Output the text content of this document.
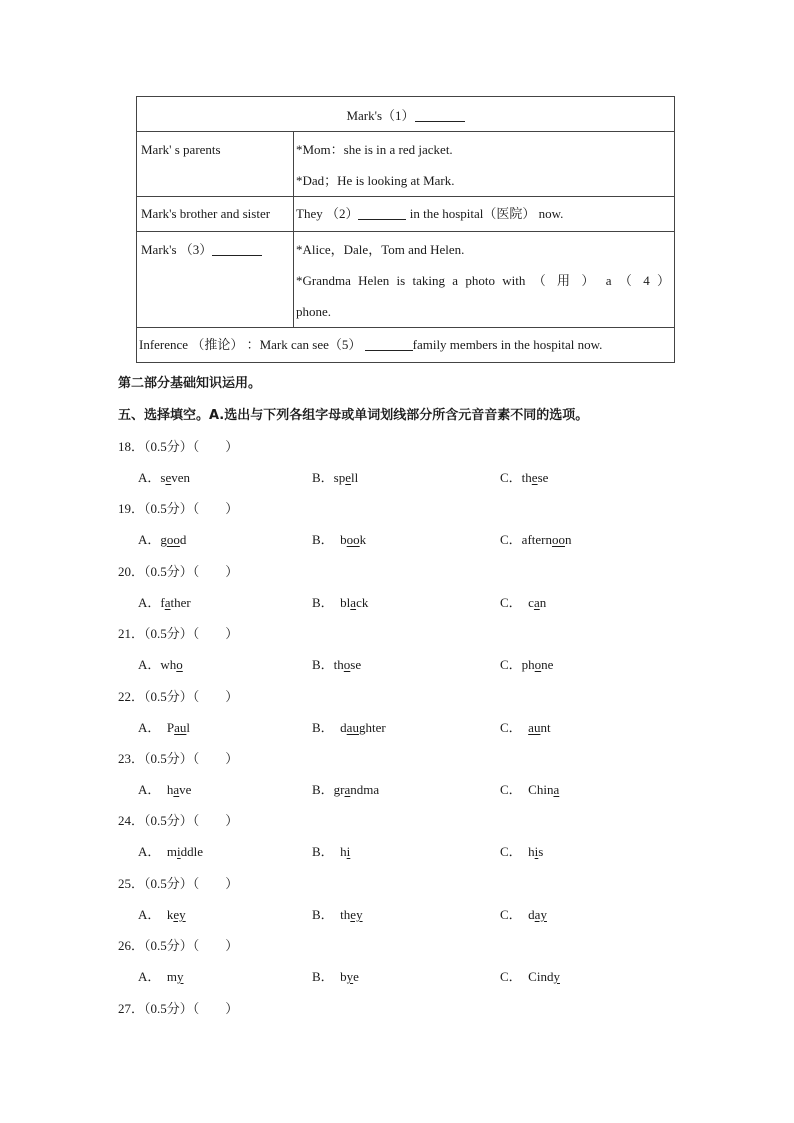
Mark's（1）	

Mark' s parents	*Mom：she is in a red jacket.
*Dad；He is looking at Mark.

Mark's brother and sister	They （2） in the hospital（医院） now.

Mark's （3）	*Alice，Dale，Tom and Helen.
*Grandma Helen is taking a photo with （ 用 ） a （ 4 ）
phone.

Inference （推论） ：Mark can see（5） family members in the hospital now.	
第二部分基础知识运用。
五、选择填空。A.选出与下列各组字母或单词划线部分所含元音音素不同的选项。
18．（0.5分）（　　）
A．seven	B．spell	C．these
19．（0.5分）（　　）
A．good	B．  book	C．afternoon
20．（0.5分）（　　）
A．father	B．  black	C．  can
21．（0.5分）（　　）
A．who	B．those	C．phone
22．（0.5分）（　　）
A．  Paul	B．  daughter	C．  aunt
23．（0.5分）（　　）
A．  have	B．grandma	C．  China
24．（0.5分）（　　）
A．  middle	B．  hi	C．  his
25．（0.5分）（　　）
A．  key	B．  they	C．  day
26．（0.5分）（　　）
A．  my	B．  bye	C．  Cindy
27．（0.5分）（　　）
